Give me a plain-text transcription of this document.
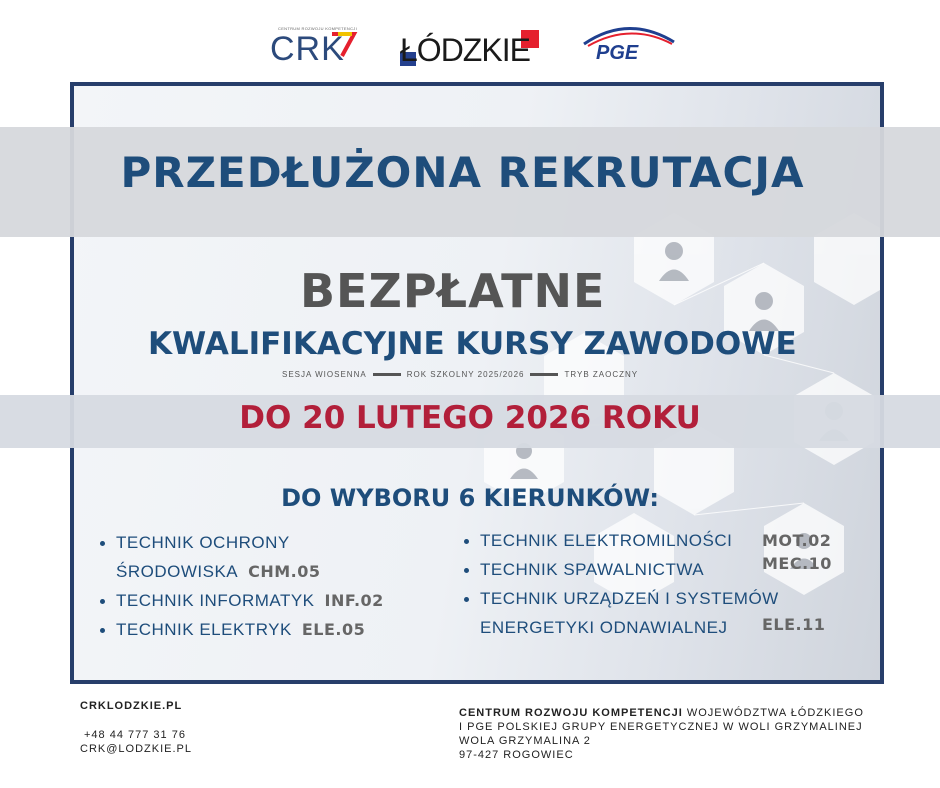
CENTRUM ROZWOJU KOMPETENCJI
CRK ŁÓDZKIE	PGE
PRZEDŁUŻONA REKRUTACJA
BEZPŁATNE
KWALIFIKACYJNE KURSY ZAWODOWE
SESJA WIOSENNA	ROK SZKOLNY 2025/2026	TRYB ZAOCZNY
DO 20 LUTEGO 2026 ROKU
DO WYBORU 6 KIERUNKÓW:
TECHNIK OCHRONY
ŚRODOWISKA CHM.05
TECHNIK INFORMATYK INF.02
TECHNIK ELEKTRYK ELE.05
TECHNIK ELEKTROMILNOŚCI MOT.02
TECHNIK SPAWALNICTWA	MEC.10
TECHNIK URZĄDZEŃ I SYSTEMÓW
ENERGETYKI ODNAWIALNEJ ELE.11
CRKLODZKIE.PL
+48 44 777 31 76
CRK@LODZKIE.PL
CENTRUM ROZWOJU KOMPETENCJI WOJEWÓDZTWA ŁÓDZKIEGO
I PGE POLSKIEJ GRUPY ENERGETYCZNEJ W WOLI GRZYMALINEJ
WOLA GRZYMALINA 2
97-427 ROGOWIEC
